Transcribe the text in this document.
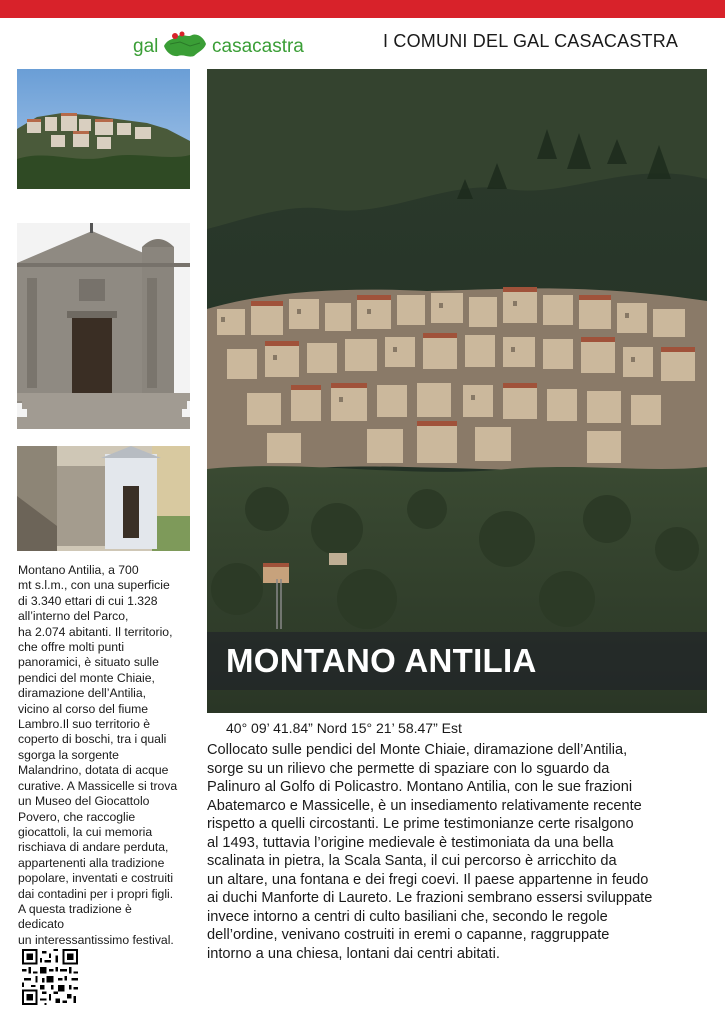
gal	casacastra	I COMUNI DEL GAL CASACASTRA
Montano Antilia, a 700
mt s.l.m., con una superficie
di 3.340 ettari di cui 1.328
all’interno del Parco,
ha 2.074 abitanti. Il territorio,
che offre molti punti
panoramici, è situato sulle
pendici del monte Chiaie,
diramazione dell’Antilia,
vicino al corso del fiume
Lambro.Il suo territorio è
coperto di boschi, tra i quali
sgorga la sorgente
Malandrino, dotata di acque
curative. A Massicelle si trova
un Museo del Giocattolo
Povero, che raccoglie
giocattoli, la cui memoria
rischiava di andare perduta,
appartenenti alla tradizione
popolare, inventati e costruiti
dai contadini per i propri figli.
A questa tradizione è
dedicato
un interessantissimo festival.
MONTANO ANTILIA
40° 09’ 41.84” Nord 15° 21’ 58.47” Est
Collocato sulle pendici del Monte Chiaie, diramazione dell’Antilia,
sorge su un rilievo che permette di spaziare con lo sguardo da
Palinuro al Golfo di Policastro. Montano Antilia, con le sue frazioni
Abatemarco e Massicelle, è un insediamento relativamente recente
rispetto a quelli circostanti. Le prime testimonianze certe risalgono
al 1493, tuttavia l’origine medievale è testimoniata da una bella
scalinata in pietra, la Scala Santa, il cui percorso è arricchito da
un altare, una fontana e dei fregi coevi. Il paese appartenne in feudo
ai duchi Manforte di Laureto. Le frazioni sembrano essersi sviluppate
invece intorno a centri di culto basiliani che, secondo le regole
dell’ordine, venivano costruiti in eremi o capanne, raggruppate
intorno a una chiesa, lontani dai centri abitati.
